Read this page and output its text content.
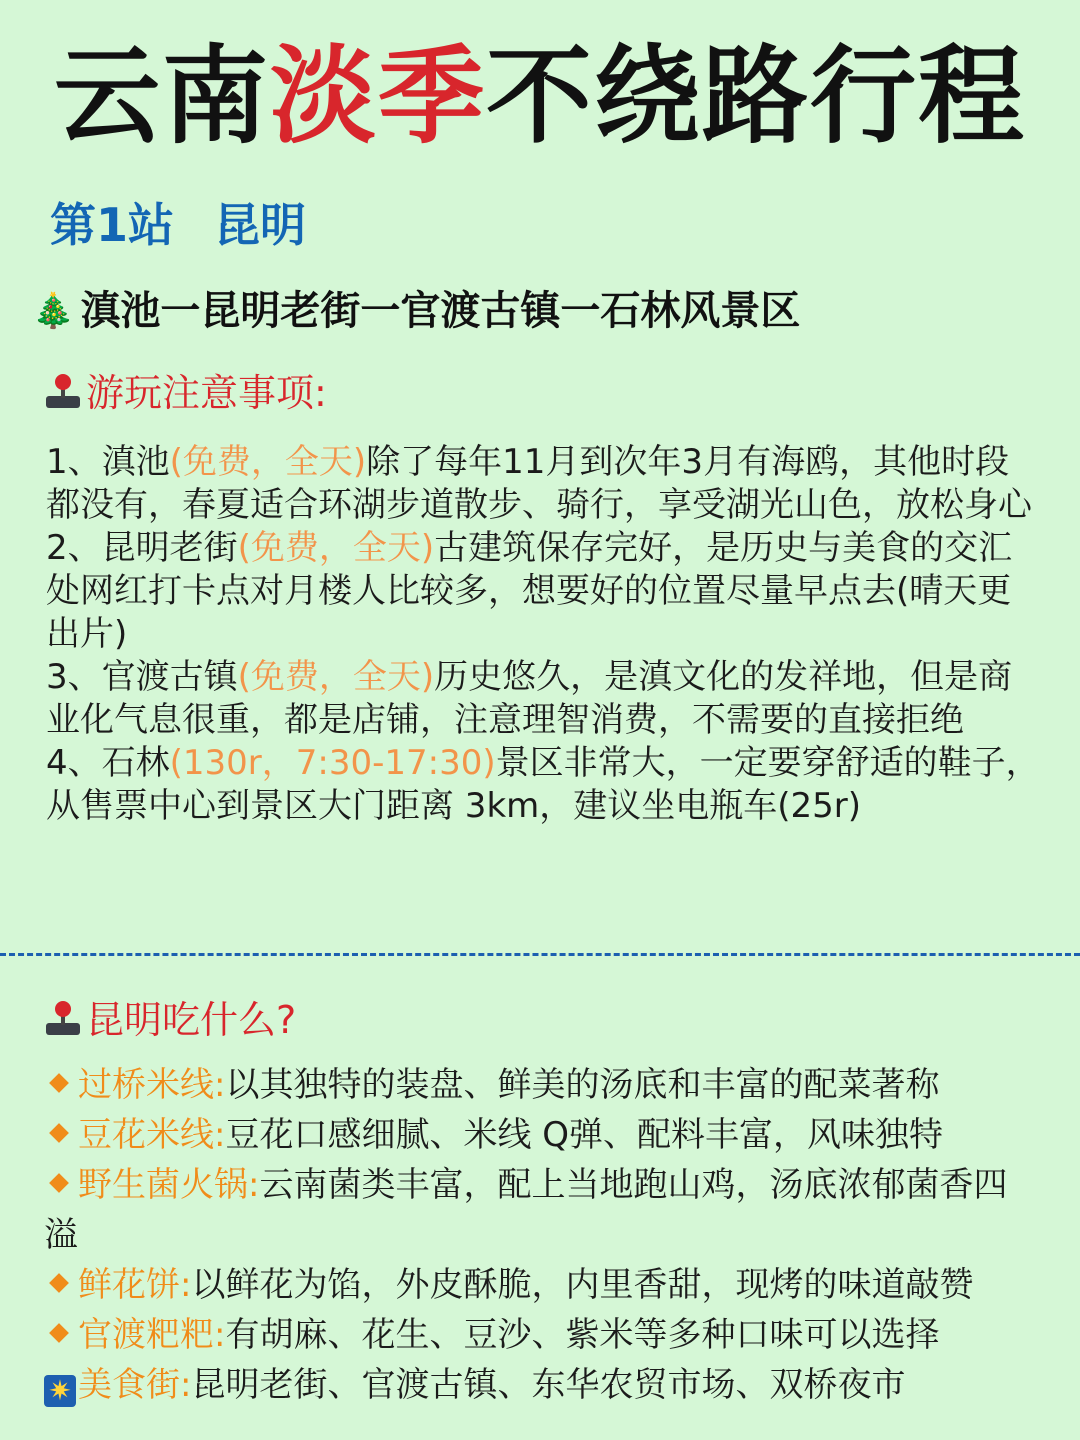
云南淡季不绕路行程
第1站 昆明
🎄 滇池一昆明老街一官渡古镇一石林风景区
游玩注意事项:

1、滇池(免费，全天)除了每年11月到次年3月有海鸥，其他时段都没有，春夏适合环湖步道散步、骑行，享受湖光山色，放松身心

2、昆明老街(免费，全天)古建筑保存完好，是历史与美食的交汇处网红打卡点对月楼人比较多，想要好的位置尽量早点去(晴天更出片)

3、官渡古镇(免费，全天)历史悠久，是滇文化的发祥地，但是商业化气息很重，都是店铺，注意理智消费，不需要的直接拒绝

4、石林(130r，7:30-17:30)景区非常大，一定要穿舒适的鞋子，从售票中心到景区大门距离 3km，建议坐电瓶车(25r)

昆明吃什么?

过桥米线:以其独特的装盘、鲜美的汤底和丰富的配菜著称

豆花米线:豆花口感细腻、米线 Q弹、配料丰富，风味独特

野生菌火锅:云南菌类丰富，配上当地跑山鸡，汤底浓郁菌香四溢

鲜花饼:以鲜花为馅，外皮酥脆，内里香甜，现烤的味道敲赞

官渡粑粑:有胡麻、花生、豆沙、紫米等多种口味可以选择

✷ 美食街:昆明老街、官渡古镇、东华农贸市场、双桥夜市
